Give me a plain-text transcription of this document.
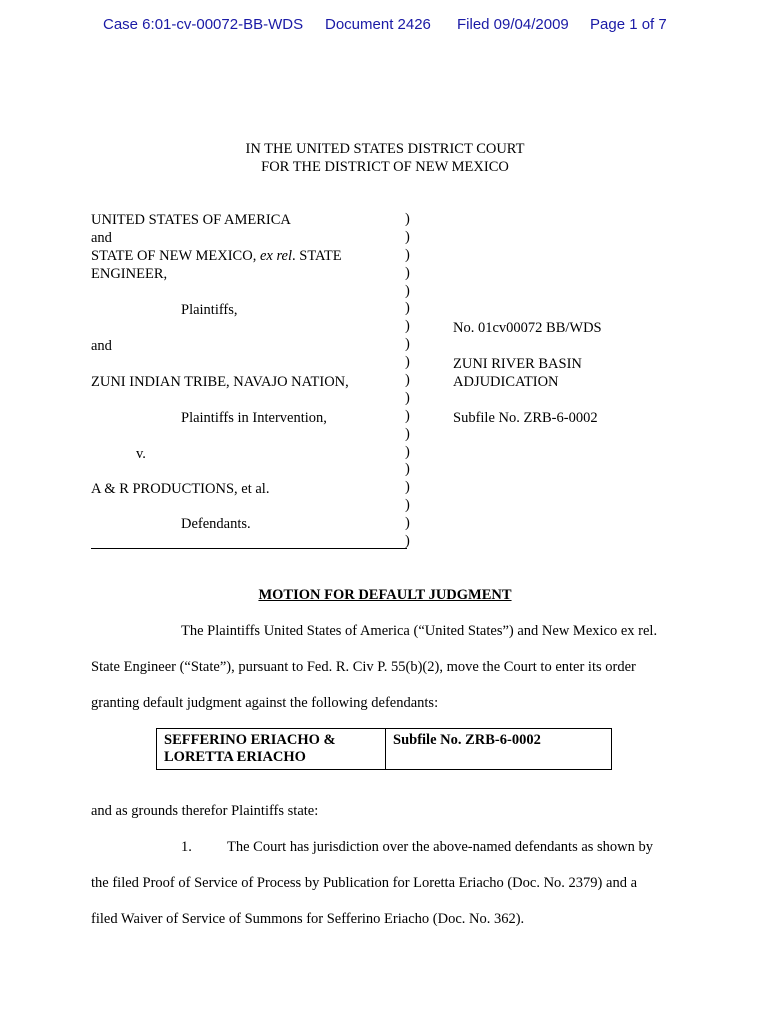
Case 6:01-cv-00072-BB-WDS Document 2426 Filed 09/04/2009 Page 1 of 7
IN THE UNITED STATES DISTRICT COURT
FOR THE DISTRICT OF NEW MEXICO
UNITED STATES OF AMERICA
and
STATE OF NEW MEXICO, ex rel. STATE
ENGINEER,
Plaintiffs,
and
ZUNI INDIAN TRIBE, NAVAJO NATION,
Plaintiffs in Intervention,
v.
A & R PRODUCTIONS, et al.
Defendants.
)
)
)
)
)
)
)
)
)
)
)
)
)
)
)
)
)
)
)
No. 01cv00072 BB/WDS
ZUNI RIVER BASIN
ADJUDICATION
Subfile No. ZRB-6-0002
MOTION FOR DEFAULT JUDGMENT
The Plaintiffs United States of America (“United States”) and New Mexico ex rel.
State Engineer (“State”), pursuant to Fed. R. Civ P. 55(b)(2), move the Court to enter its order
granting default judgment against the following defendants:
SEFFERINO ERIACHO &
LORETTA ERIACHO
	Subfile No. ZRB-6-0002
and as grounds therefor Plaintiffs state:
1. The Court has jurisdiction over the above-named defendants as shown by
the filed Proof of Service of Process by Publication for Loretta Eriacho (Doc. No. 2379) and a
filed Waiver of Service of Summons for Sefferino Eriacho (Doc. No. 362).
